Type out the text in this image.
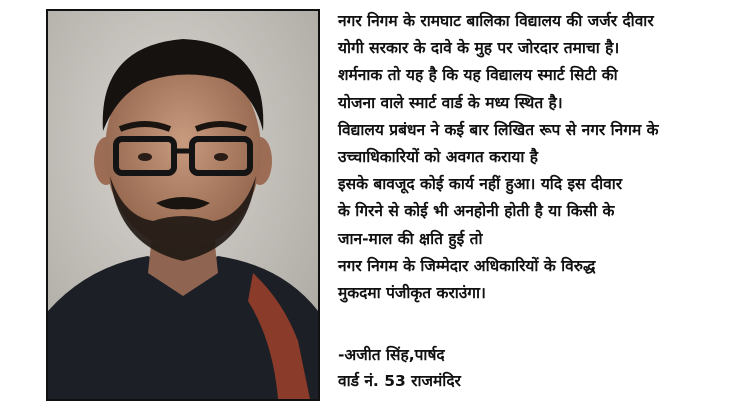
नगर निगम के रामघाट बालिका विद्यालय की जर्जर दीवार
योगी सरकार के दावे के मुह पर जोरदार तमाचा है।
शर्मनाक तो यह है कि यह विद्यालय स्मार्ट सिटी की
योजना वाले स्मार्ट वार्ड के मध्य स्थित है।
विद्यालय प्रबंधन ने कई बार लिखित रूप से नगर निगम के
उच्चाधिकारियों को अवगत कराया है
इसके बावजूद कोई कार्य नहीं हुआ। यदि इस दीवार
के गिरने से कोई भी अनहोनी होती है या किसी के
जान-माल की क्षति हुई तो
नगर निगम के जिम्मेदार अधिकारियों के विरुद्ध
मुकदमा पंजीकृत कराउंगा।
-अजीत सिंह,पार्षद
वार्ड नं. 53 राजमंदिर
